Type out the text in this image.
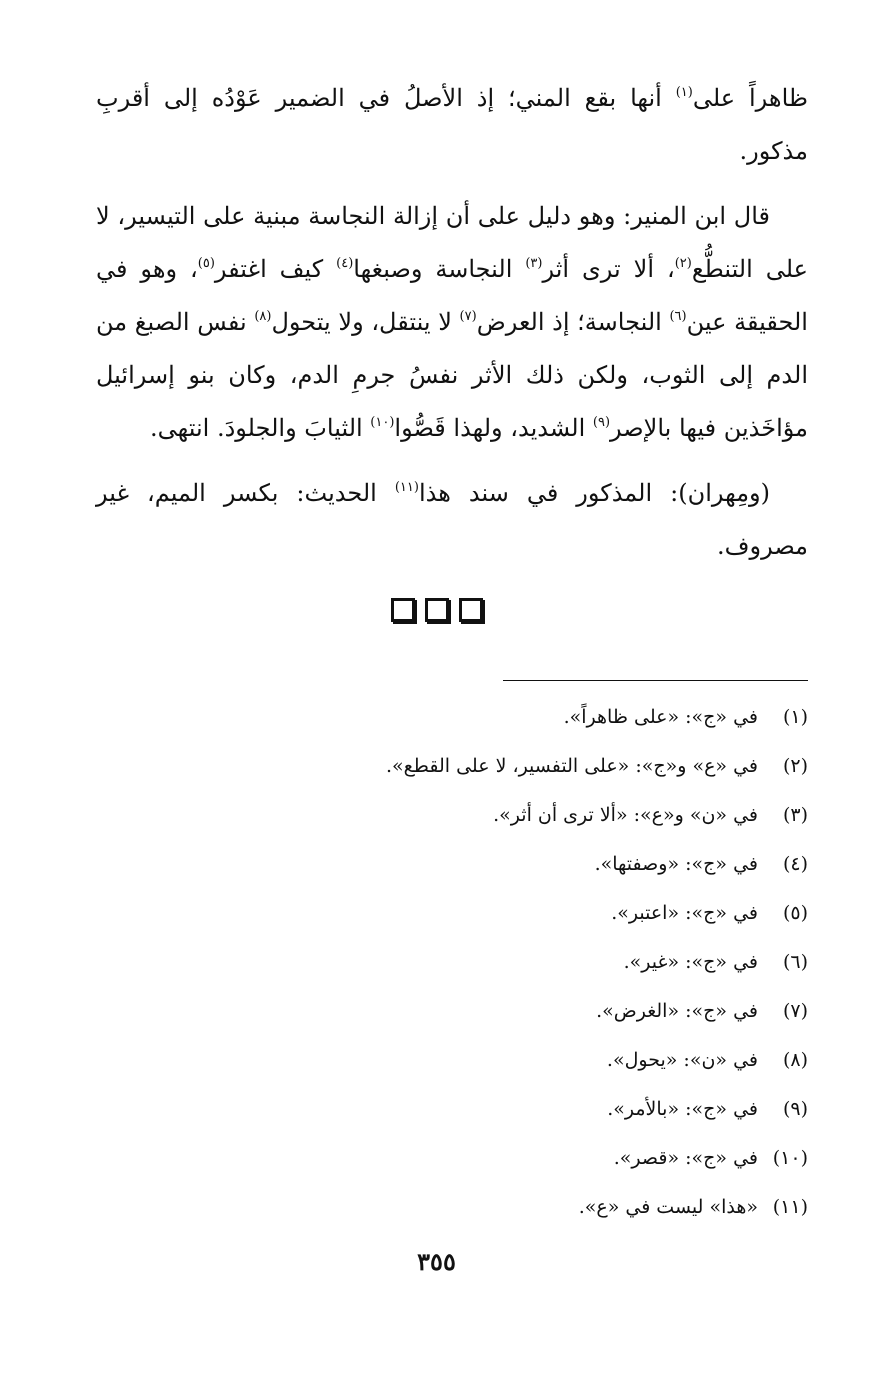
ظاهراً على$^{(١)}$ أنها بقع المني؛ إذ الأصلُ في الضمير عَوْدُه إلى أقربِ مذكور.

قال ابن المنير: وهو دليل على أن إزالة النجاسة مبنية على التيسير، لا على التنطُّع$^{(٢)}$، ألا ترى أثر$^{(٣)}$ النجاسة وصبغها$^{(٤)}$ كيف اغتفر$^{(٥)}$، وهو في الحقيقة عين$^{(٦)}$ النجاسة؛ إذ العرض$^{(٧)}$ لا ينتقل، ولا يتحول$^{(٨)}$ نفس الصبغ من الدم إلى الثوب، ولكن ذلك الأثر نفسُ جرمِ الدم، وكان بنو إسرائيل مؤاخَذين فيها بالإصر$^{(٩)}$ الشديد، ولهذا قَصُّوا$^{(١٠)}$ الثيابَ والجلودَ. انتهى.

(ومِهران): المذكور في سند هذا$^{(١١)}$ الحديث: بكسر الميم، غير مصروف.

(١)في «ج»: «على ظاهراً».
(٢)في «ع» و«ج»: «على التفسير، لا على القطع».
(٣)في «ن» و«ع»: «ألا ترى أن أثر».
(٤)في «ج»: «وصفتها».
(٥)في «ج»: «اعتبر».
(٦)في «ج»: «غير».
(٧)في «ج»: «الغرض».
(٨)في «ن»: «يحول».
(٩)في «ج»: «بالأمر».
(١٠)في «ج»: «قصر».
(١١)«هذا» ليست في «ع».
٣٥٥
